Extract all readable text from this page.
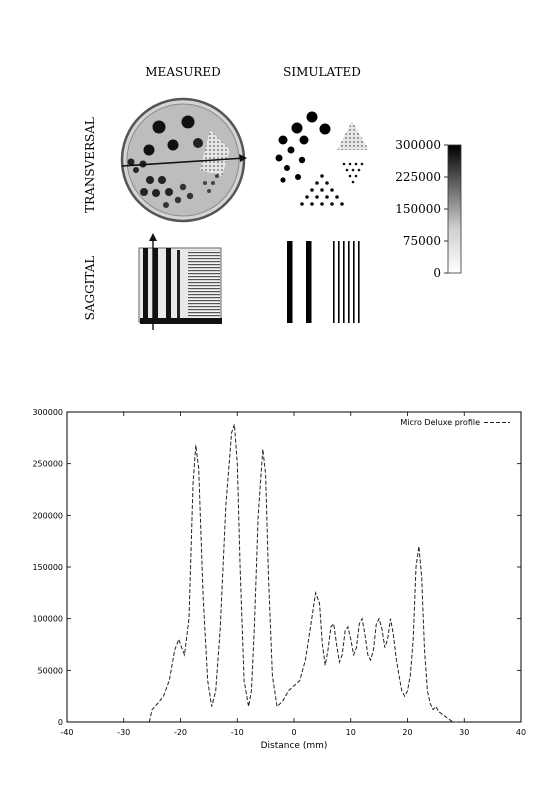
MEASURED	SIMULATED
TRANSVERSAL
SAGGITAL
300000
225000
150000
75000
0
-40	-30	-20	-10	0	10	20	30	40
0
50000
100000
150000
200000
250000
300000
Micro Deluxe profile
Distance (mm)
